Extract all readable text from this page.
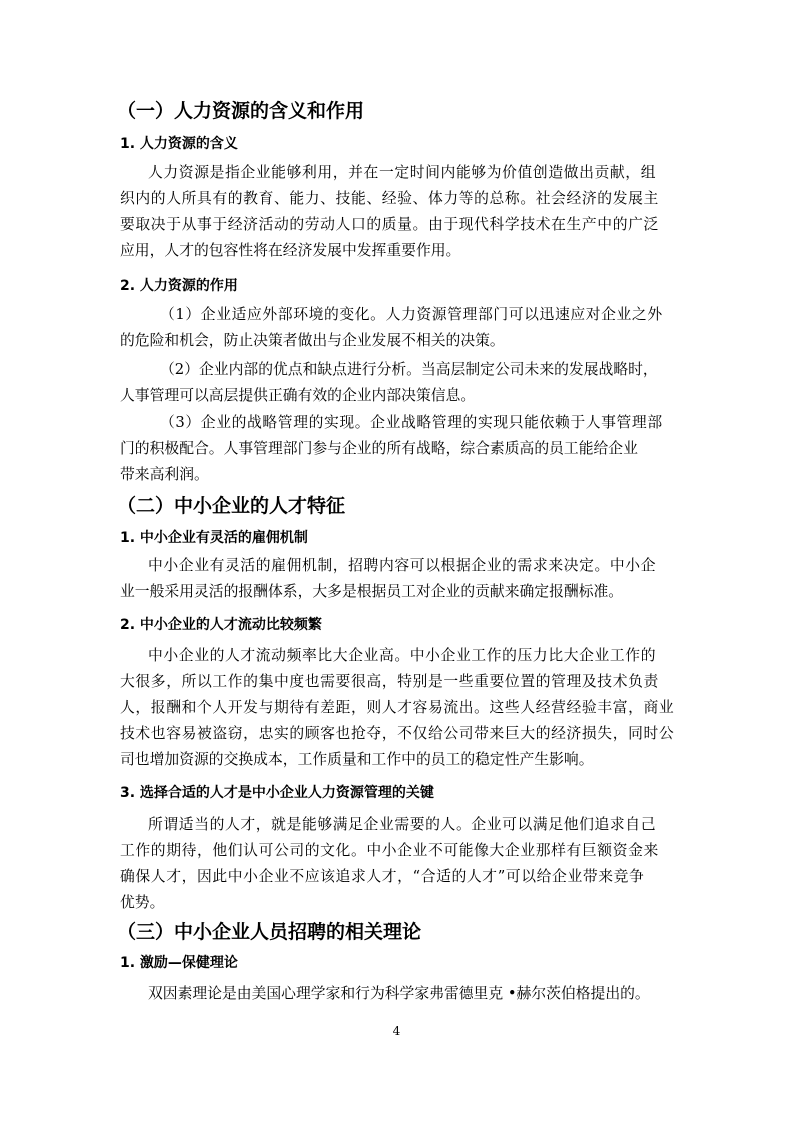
（一）人力资源的含义和作用
1. 人力资源的含义
人力资源是指企业能够利用，并在一定时间内能够为价值创造做出贡献，组
织内的人所具有的教育、能力、技能、经验、体力等的总称。社会经济的发展主
要取决于从事于经济活动的劳动人口的质量。由于现代科学技术在生产中的广泛
应用，人才的包容性将在经济发展中发挥重要作用。
2. 人力资源的作用
（1）企业适应外部环境的变化。人力资源管理部门可以迅速应对企业之外
的危险和机会，防止决策者做出与企业发展不相关的决策。
（2）企业内部的优点和缺点进行分析。当高层制定公司未来的发展战略时，
人事管理可以高层提供正确有效的企业内部决策信息。
（3）企业的战略管理的实现。企业战略管理的实现只能依赖于人事管理部
门的积极配合。人事管理部门参与企业的所有战略，综合素质高的员工能给企业
带来高利润。
（二）中小企业的人才特征
1. 中小企业有灵活的雇佣机制
中小企业有灵活的雇佣机制，招聘内容可以根据企业的需求来决定。中小企
业一般采用灵活的报酬体系，大多是根据员工对企业的贡献来确定报酬标准。
2. 中小企业的人才流动比较频繁
中小企业的人才流动频率比大企业高。中小企业工作的压力比大企业工作的
大很多，所以工作的集中度也需要很高，特别是一些重要位置的管理及技术负责
人，报酬和个人开发与期待有差距，则人才容易流出。这些人经营经验丰富，商业
技术也容易被盗窃，忠实的顾客也抢夺，不仅给公司带来巨大的经济损失，同时公
司也增加资源的交换成本，工作质量和工作中的员工的稳定性产生影响。
3. 选择合适的人才是中小企业人力资源管理的关键
所谓适当的人才，就是能够满足企业需要的人。企业可以满足他们追求自己
工作的期待，他们认可公司的文化。中小企业不可能像大企业那样有巨额资金来
确保人才，因此中小企业不应该追求人才，“合适的人才”可以给企业带来竞争
优势。
（三）中小企业人员招聘的相关理论
1. 激励—保健理论
双因素理论是由美国心理学家和行为科学家弗雷德里克 •赫尔茨伯格提出的。
4
